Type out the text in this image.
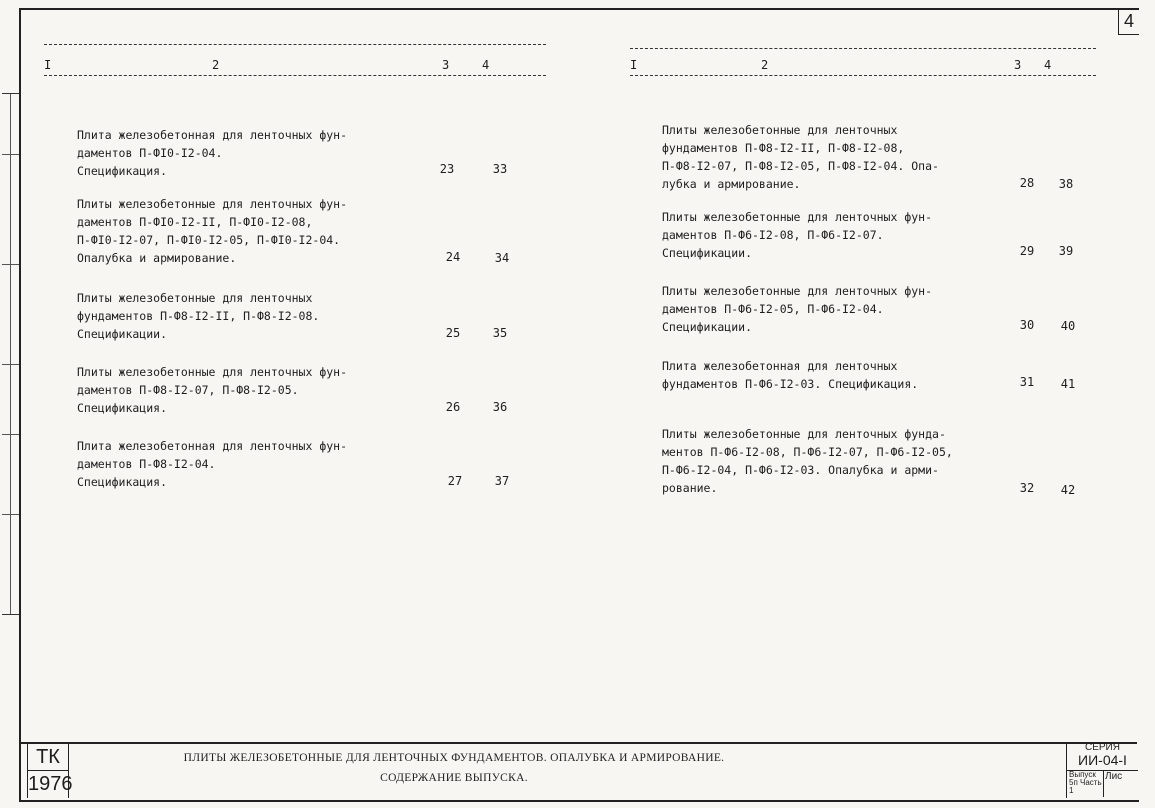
4
I	2	3	4	I	2	3 4
Плита железобетонная для ленточных фун-
даментов П-ФI0-I2-04.
Спецификация.	23	33
Плиты железобетонные для ленточных фун-
даментов П-ФI0-I2-II, П-ФI0-I2-08,
П-ФI0-I2-07, П-ФI0-I2-05, П-ФI0-I2-04.
Опалубка и армирование.	24	34
Плиты железобетонные для ленточных
фундаментов П-Ф8-I2-II, П-Ф8-I2-08.
Спецификации.	25	35
Плиты железобетонные для ленточных фун-
даментов П-Ф8-I2-07, П-Ф8-I2-05.
Спецификация.	26	36
Плита железобетонная для ленточных фун-
даментов П-Ф8-I2-04.
Спецификация.	27	37
Плиты железобетонные для ленточных
фундаментов П-Ф8-I2-II, П-Ф8-I2-08,
П-Ф8-I2-07, П-Ф8-I2-05, П-Ф8-I2-04. Опа-
лубка и армирование.	28	38
Плиты железобетонные для ленточных фун-
даментов П-Ф6-I2-08, П-Ф6-I2-07.
Спецификации.	29	39
Плиты железобетонные для ленточных фун-
даментов П-Ф6-I2-05, П-Ф6-I2-04.
Спецификации.	30	40
Плита железобетонная для ленточных
фундаментов П-Ф6-I2-03. Спецификация.	31	41
Плиты железобетонные для ленточных фунда-
ментов П-Ф6-I2-08, П-Ф6-I2-07, П-Ф6-I2-05,
П-Ф6-I2-04, П-Ф6-I2-03. Опалубка и арми-
рование.	32	42
ТК
1976
ПЛИТЫ ЖЕЛЕЗОБЕТОННЫЕ ДЛЯ ЛЕНТОЧНЫХ ФУНДАМЕНТОВ. ОПАЛУБКА И АРМИРОВАНИЕ.
СОДЕРЖАНИЕ ВЫПУСКА.
СЕРИЯ
ИИ-04-I
Выпуск 5п Часть 1
Лис
